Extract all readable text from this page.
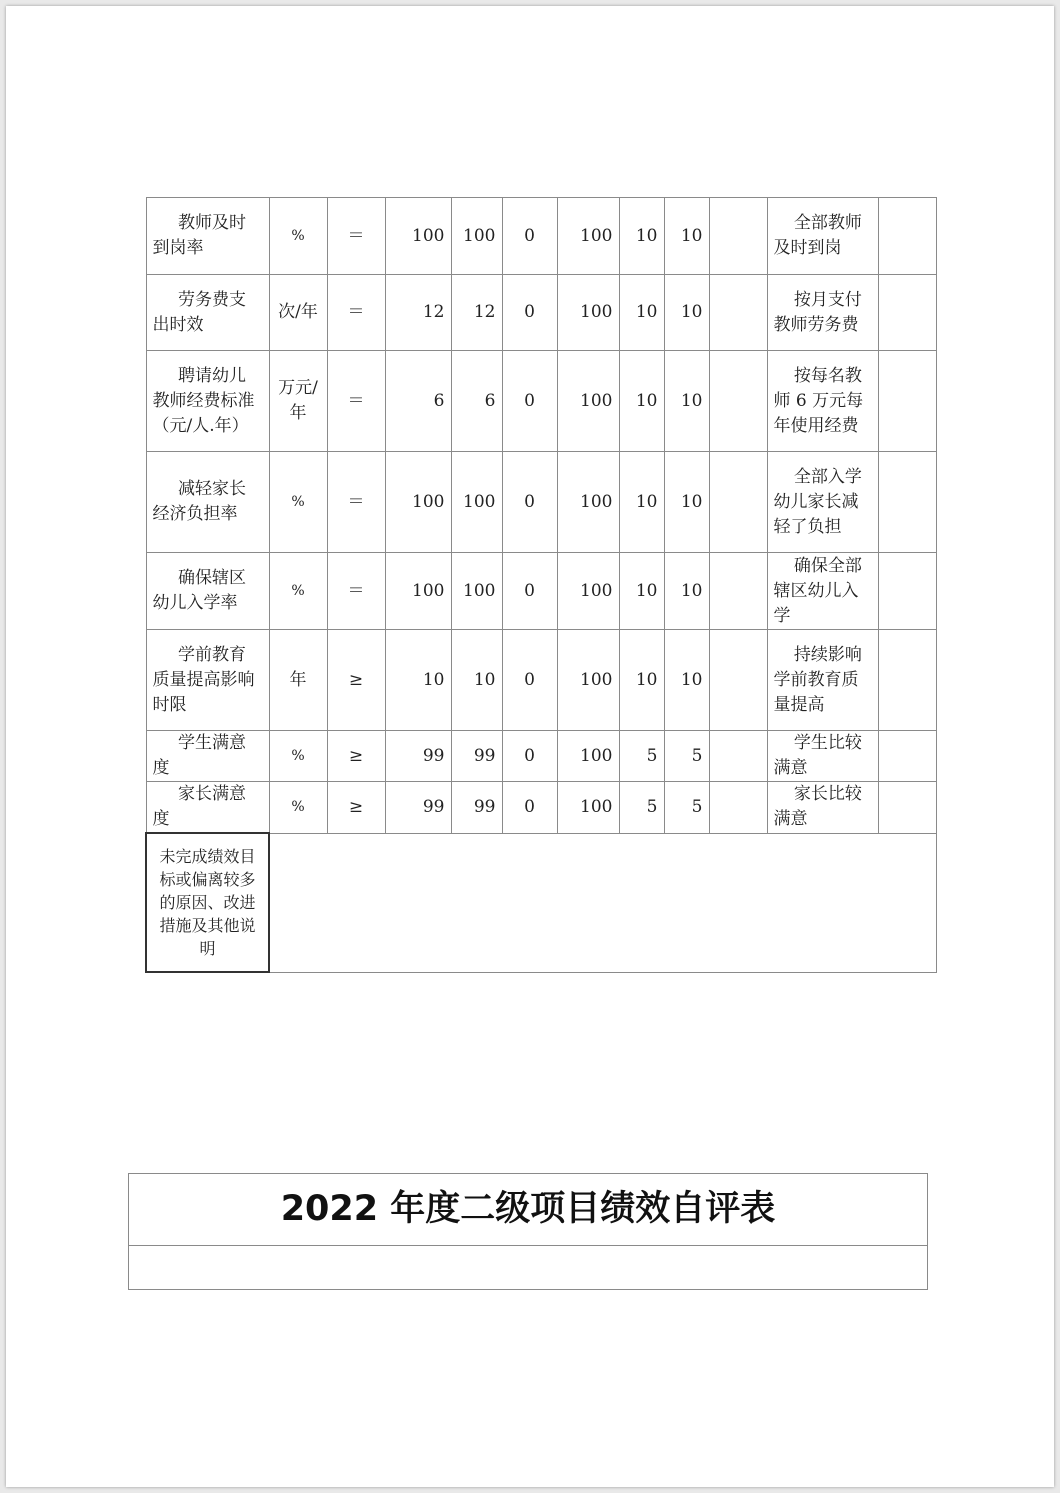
教师及时到岗率	%	＝	100	100	0	100	10	10		全部教师及时到岗	
劳务费支出时效	次/年	＝	12	12	0	100	10	10		按月支付教师劳务费	
聘请幼儿教师经费标准（元/人.年）	万元/年	＝	6	6	0	100	10	10		按每名教师 6 万元每年使用经费	
减轻家长经济负担率	%	＝	100	100	0	100	10	10		全部入学幼儿家长减轻了负担	
确保辖区幼儿入学率	%	＝	100	100	0	100	10	10		确保全部辖区幼儿入学	
学前教育质量提高影响时限	年	≥	10	10	0	100	10	10		持续影响学前教育质量提高	
学生满意度	%	≥	99	99	0	100	5	5		学生比较满意	
家长满意度	%	≥	99	99	0	100	5	5		家长比较满意	
未完成绩效目标或偏离较多的原因、改进措施及其他说明											
2022 年度二级项目绩效自评表
